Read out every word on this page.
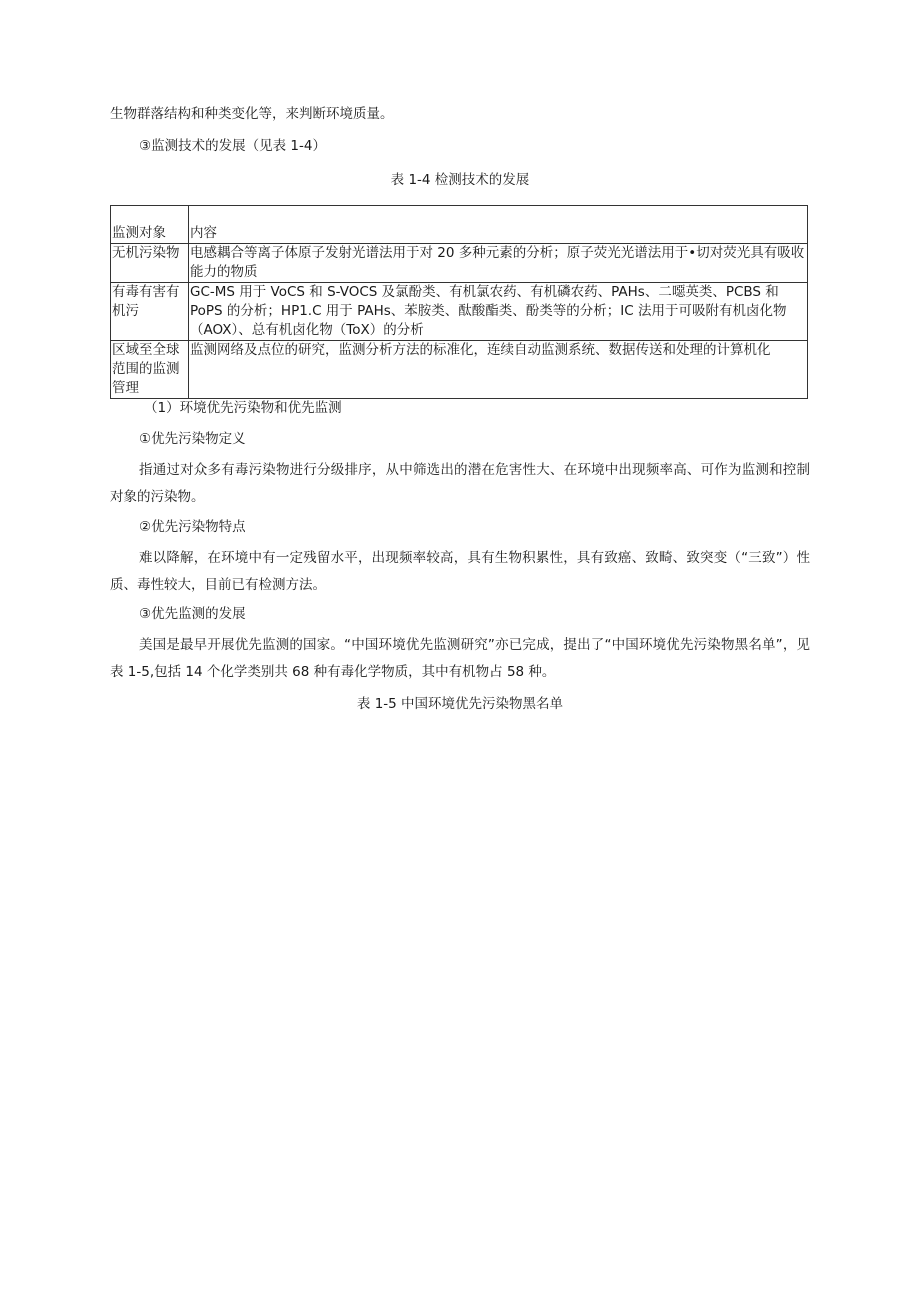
生物群落结构和种类变化等，来判断环境质量。
③监测技术的发展（见表 1-4）
表 1-4 检测技术的发展
监测对象	内容
无机污染物	电感耦合等离子体原子发射光谱法用于对 20 多种元素的分析；原子荧光光谱法用于•切对荧光具有吸收能力的物质
有毒有害有机污	GC-MS 用于 VoCS 和 S-VOCS 及氯酚类、有机氯农药、有机磷农药、PAHs、二噁英类、PCBS 和 PoPS 的分析；HP1.C 用于 PAHs、苯胺类、酞酸酯类、酚类等的分析；IC 法用于可吸附有机卤化物（AOX）、总有机卤化物（ToX）的分析
区域至全球范围的监测管理	监测网络及点位的研究，监测分析方法的标准化，连续自动监测系统、数据传送和处理的计算机化
（1）环境优先污染物和优先监测
①优先污染物定义
指通过对众多有毒污染物进行分级排序，从中筛选出的潜在危害性大、在环境中出现频率高、可作为监测和控制对象的污染物。
②优先污染物特点
难以降解，在环境中有一定残留水平，出现频率较高，具有生物积累性，具有致癌、致畸、致突变（“三致”）性质、毒性较大，目前已有检测方法。
③优先监测的发展
美国是最早开展优先监测的国家。“中国环境优先监测研究”亦已完成，提出了“中国环境优先污染物黑名单”，见表 1-5,包括 14 个化学类别共 68 种有毒化学物质，其中有机物占 58 种。
表 1-5 中国环境优先污染物黑名单
